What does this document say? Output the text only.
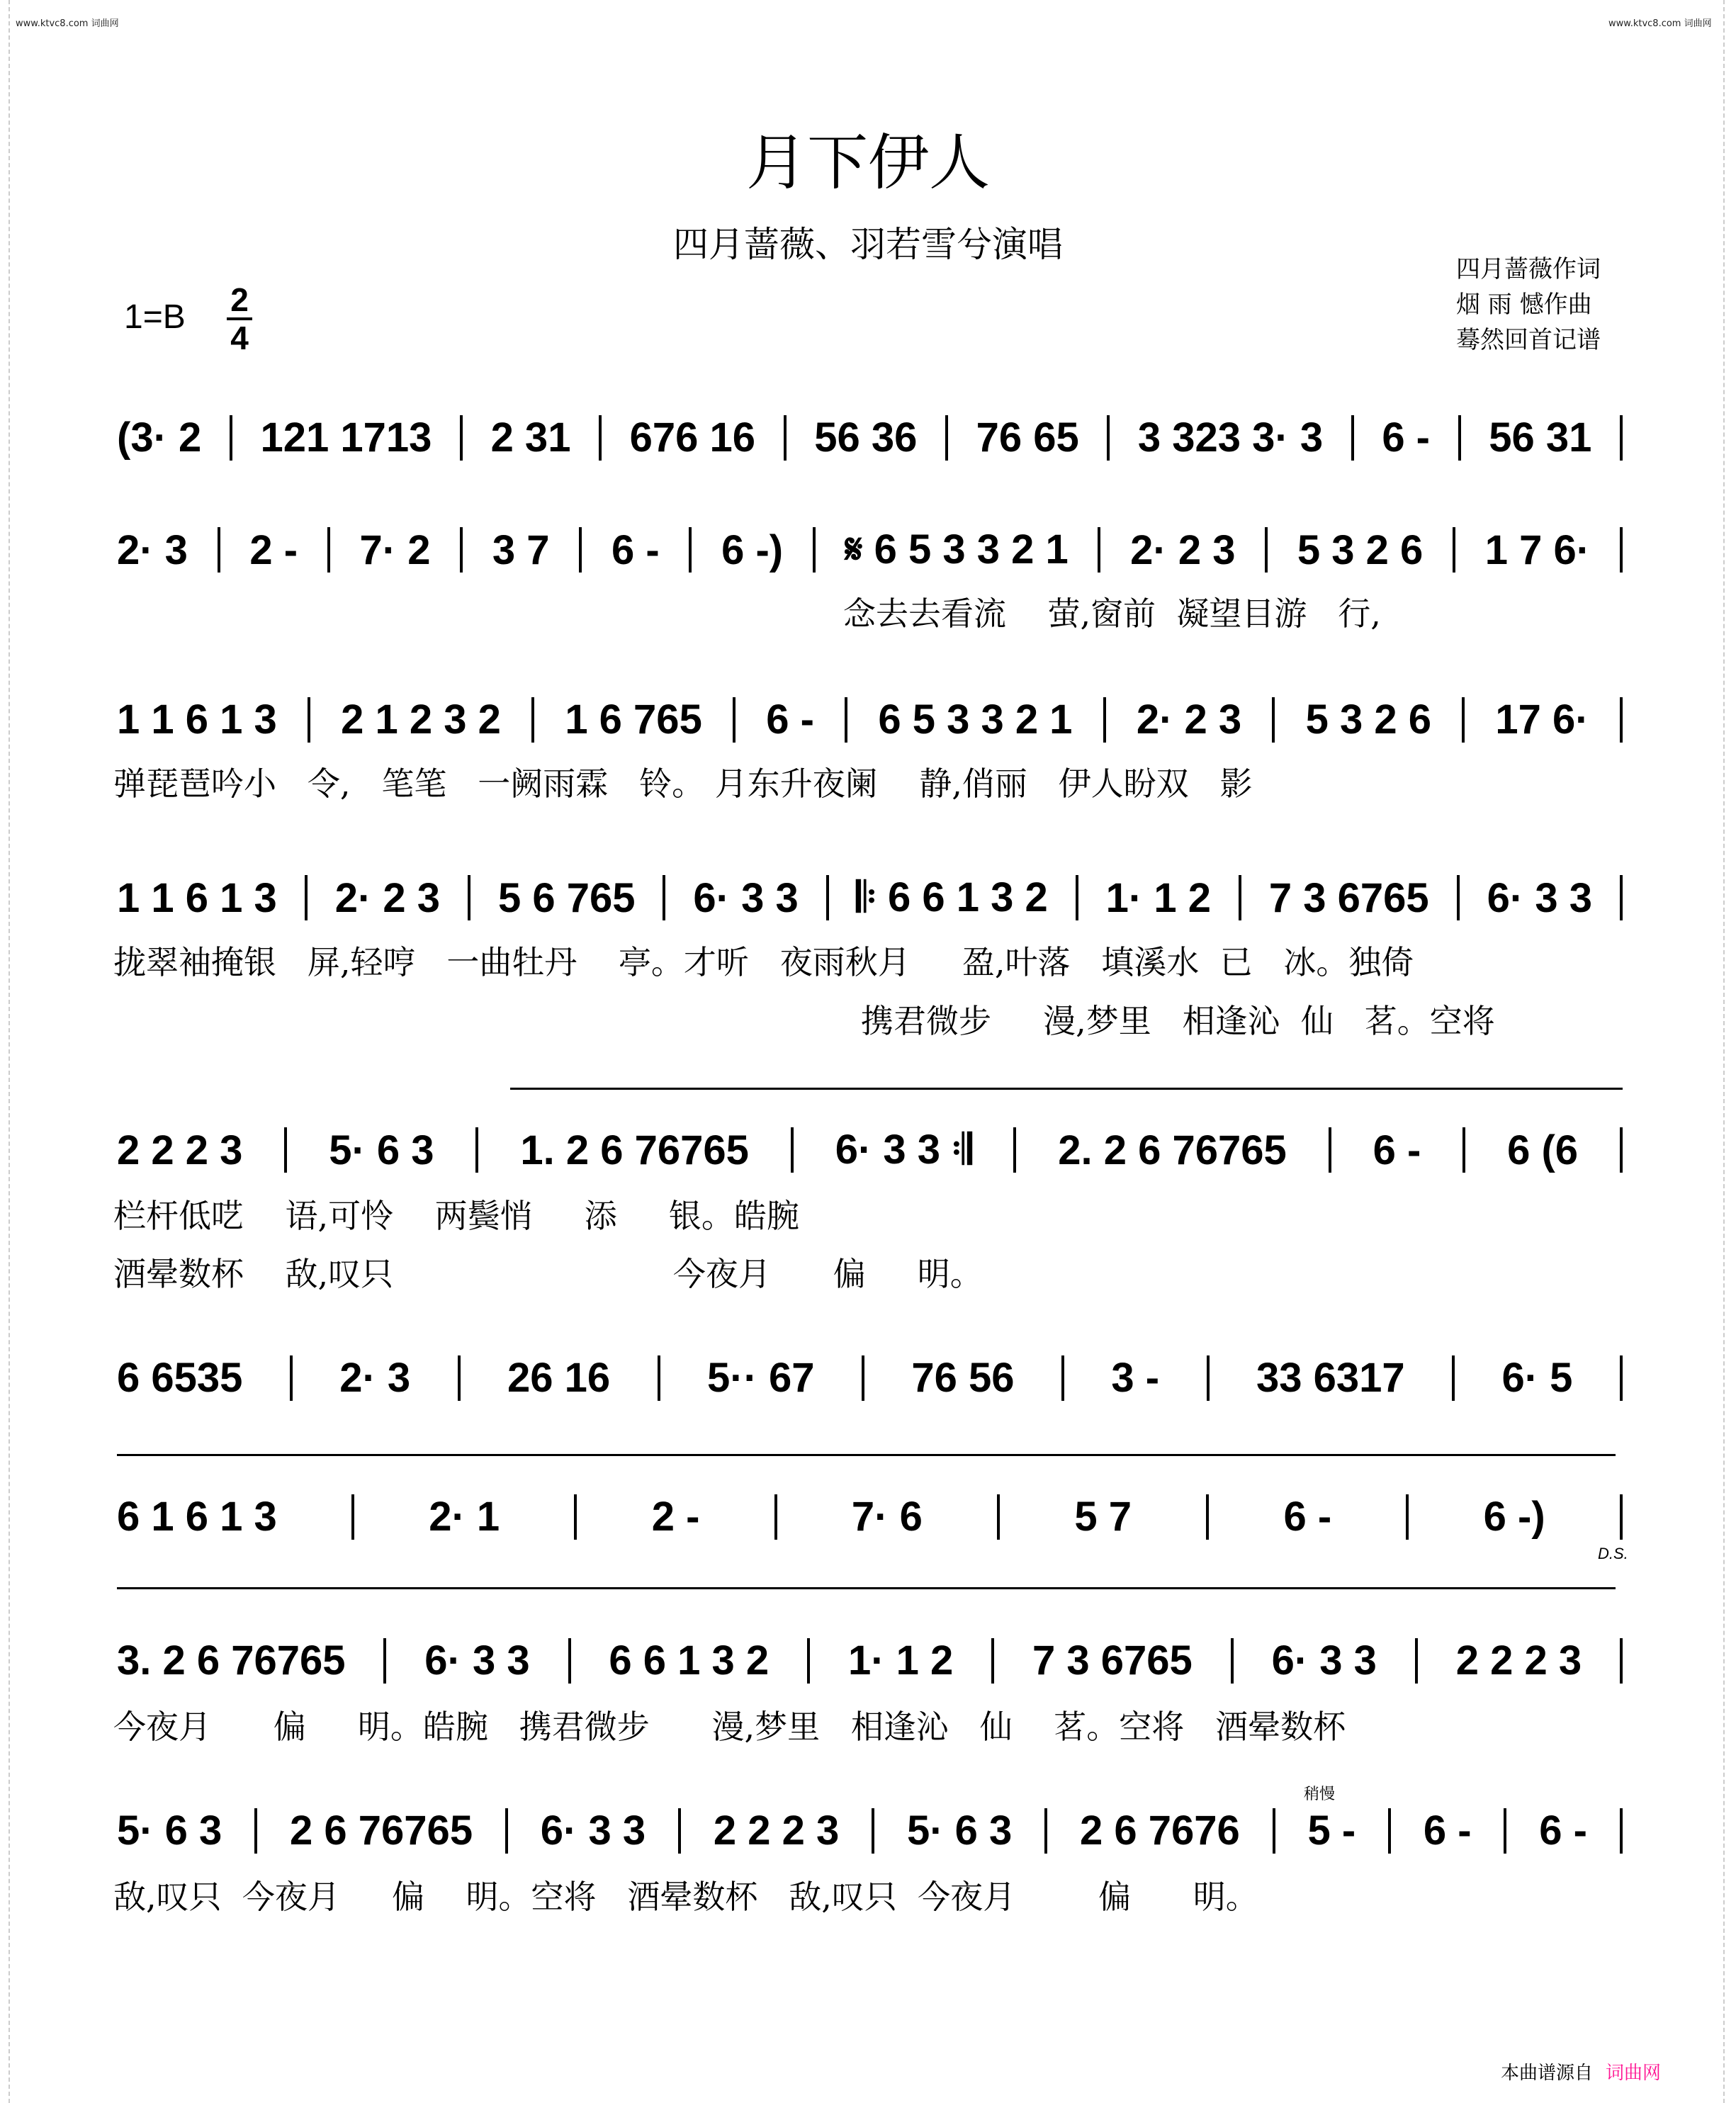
www.ktvc8.com 词曲网	www.ktvc8.com 词曲网
月下伊人
四月蔷薇、羽若雪兮演唱
四月蔷薇作词
烟 雨 憾作曲
蓦然回首记谱
1=B 2
4
(3· 2 121 1713 2 31 676 16 56 36 76 65 3 323 3· 3 6 - 56 31
2· 3 2 - 7· 2 3 7 6 - 6 -) 𝄋 6 5 3 3 2 1 2· 2 3 5 3 2 6 1 7 6·
1 1 6 1 3 2 1 2 3 2 1 6 765 6 - 6 5 3 3 2 1 2· 2 3 5 3 2 6 17 6·
1 1 6 1 3 2· 2 3 5 6 765 6· 3 3 𝄆 6 6 1 3 2 1· 1 2 7 3 6765 6· 3 3
2 2 2 3 5· 6 3 1. 2 6 76765 6· 3 3 𝄇 2. 2 6 76765 6 - 6 (6
6 6535 2· 3 26 16 5·· 67 76 56 3 - 33 6317 6· 5
6 1 6 1 3	2· 1	2 -	7· 6	5 7	6 -	6 -)
3. 2 6 76765 6· 3 3 6 6 1 3 2 1· 1 2 7 3 6765 6· 3 3 2 2 2 3
5· 6 3 2 6 76765 6· 3 3 2 2 2 3 5· 6 3 2 6 7676 5 - 6 - 6 -
念去去看流    萤,窗前  凝望目游   行,
弹琵琶吟小   令,   笔笔   一阙雨霖   铃。 月东升夜阑    静,俏丽   伊人盼双   影
拢翠袖掩银   屏,轻哼   一曲牡丹    亭。才听   夜雨秋月     盈,叶落   填溪水  已   冰。独倚
携君微步     漫,梦里   相逢沁  仙   茗。空将
栏杆低呓    语,可怜    两鬓悄     添     银。皓腕
酒晕数杯    敌,叹只                           今夜月      偏     明。
今夜月      偏     明。皓腕   携君微步      漫,梦里   相逢沁   仙    茗。空将   酒晕数杯
敌,叹只  今夜月     偏    明。空将   酒晕数杯   敌,叹只  今夜月        偏      明。
D.S.
稍慢
本曲谱源自 词曲网
